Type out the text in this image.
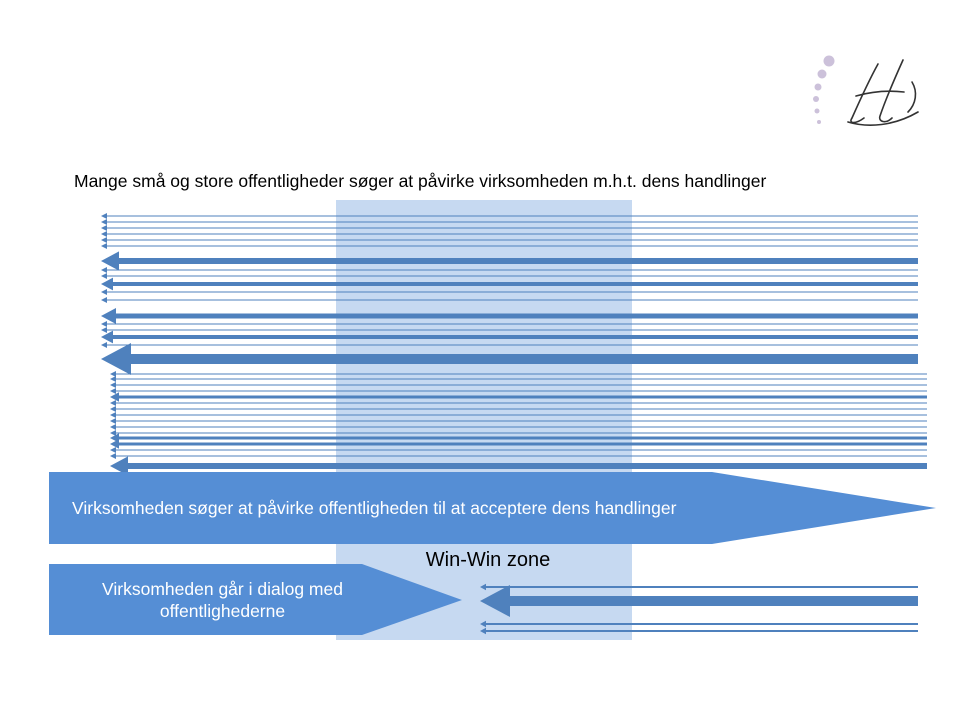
Mange små og store offentligheder søger at påvirke virksomheden m.h.t. dens handlinger
Virksomheden søger at påvirke offentligheden til at acceptere dens handlinger
Win-Win zone
Virksomheden går i dialog med
offentlighederne
